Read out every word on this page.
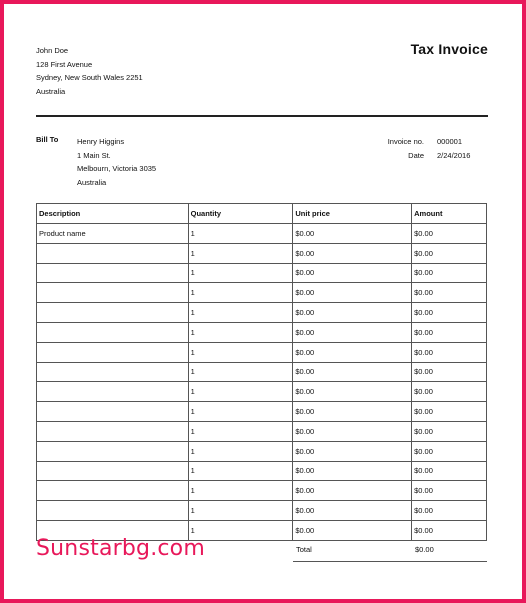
John Doe
128 First Avenue
Sydney, New South Wales 2251
Australia
Tax Invoice
Bill To Henry Higgins
1 Main St.
Melbourn, Victoria 3035
Australia
Invoice no.	000001
Date	2/24/2016
Description	Quantity	Unit price	Amount
Product name	1	$0.00	$0.00
	1	$0.00	$0.00
	1	$0.00	$0.00
	1	$0.00	$0.00
	1	$0.00	$0.00
	1	$0.00	$0.00
	1	$0.00	$0.00
	1	$0.00	$0.00
	1	$0.00	$0.00
	1	$0.00	$0.00
	1	$0.00	$0.00
	1	$0.00	$0.00
	1	$0.00	$0.00
	1	$0.00	$0.00
	1	$0.00	$0.00
	1	$0.00	$0.00
Total	$0.00
Sunstarbg.com
